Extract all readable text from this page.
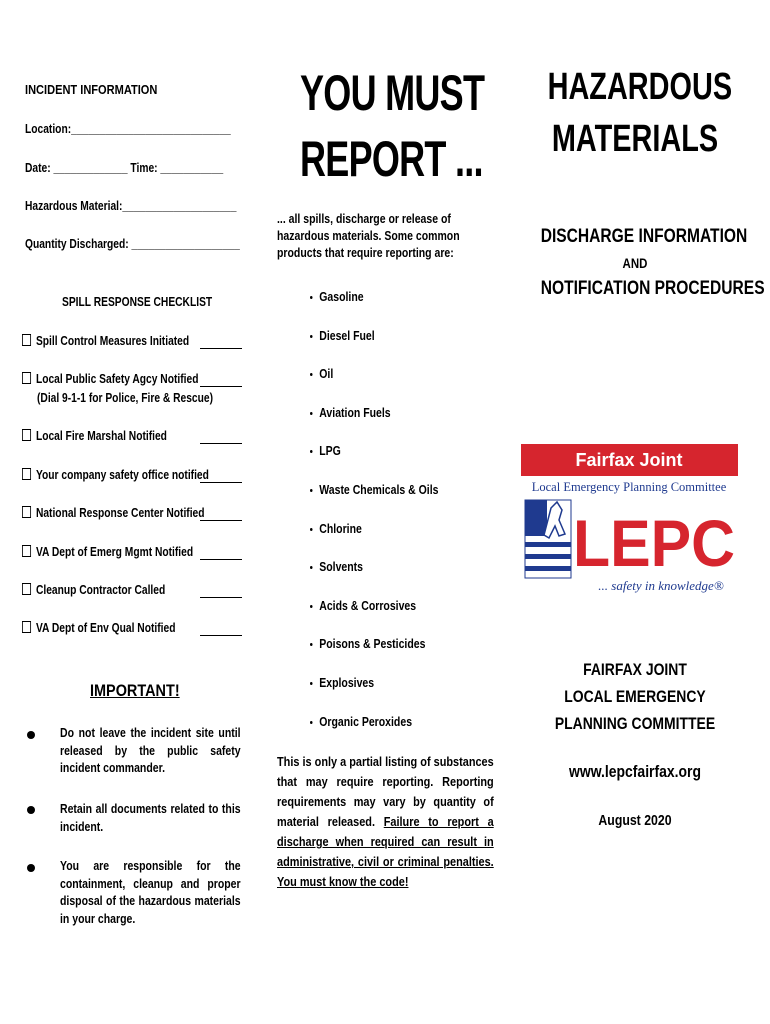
INCIDENT INFORMATION
Location:____________________________
Date: _____________ Time: ___________
Hazardous Material:____________________
Quantity Discharged: ___________________
SPILL RESPONSE CHECKLIST
Spill Control Measures Initiated
Local Public Safety Agcy Notified
(Dial 9-1-1 for Police, Fire & Rescue)
Local Fire Marshal Notified
Your company safety office notified
National Response Center Notified
VA Dept of Emerg Mgmt Notified
Cleanup Contractor Called
VA Dept of Env Qual Notified
IMPORTANT!
Do not leave the incident site until released by the public safety incident commander.
Retain all documents related to this incident.
You are responsible for the containment, cleanup and proper disposal of the hazardous materials in your charge.
YOU MUST
REPORT ...
... all spills, discharge or release of hazardous materials. Some common products that require reporting are:
Gasoline
Diesel Fuel
Oil
Aviation Fuels
LPG
Waste Chemicals & Oils
Chlorine
Solvents
Acids & Corrosives
Poisons & Pesticides
Explosives
Organic Peroxides
This is only a partial listing of substances that may require reporting. Reporting requirements may vary by quantity of material released. Failure to report a discharge when required can result in administrative, civil or criminal penalties. You must know the code!
HAZARDOUS
MATERIALS
DISCHARGE INFORMATION
AND
NOTIFICATION PROCEDURES
Fairfax Joint
Local Emergency Planning Committee
LEPC
... safety in knowledge®
FAIRFAX JOINT
LOCAL EMERGENCY
PLANNING COMMITTEE
www.lepcfairfax.org
August 2020
